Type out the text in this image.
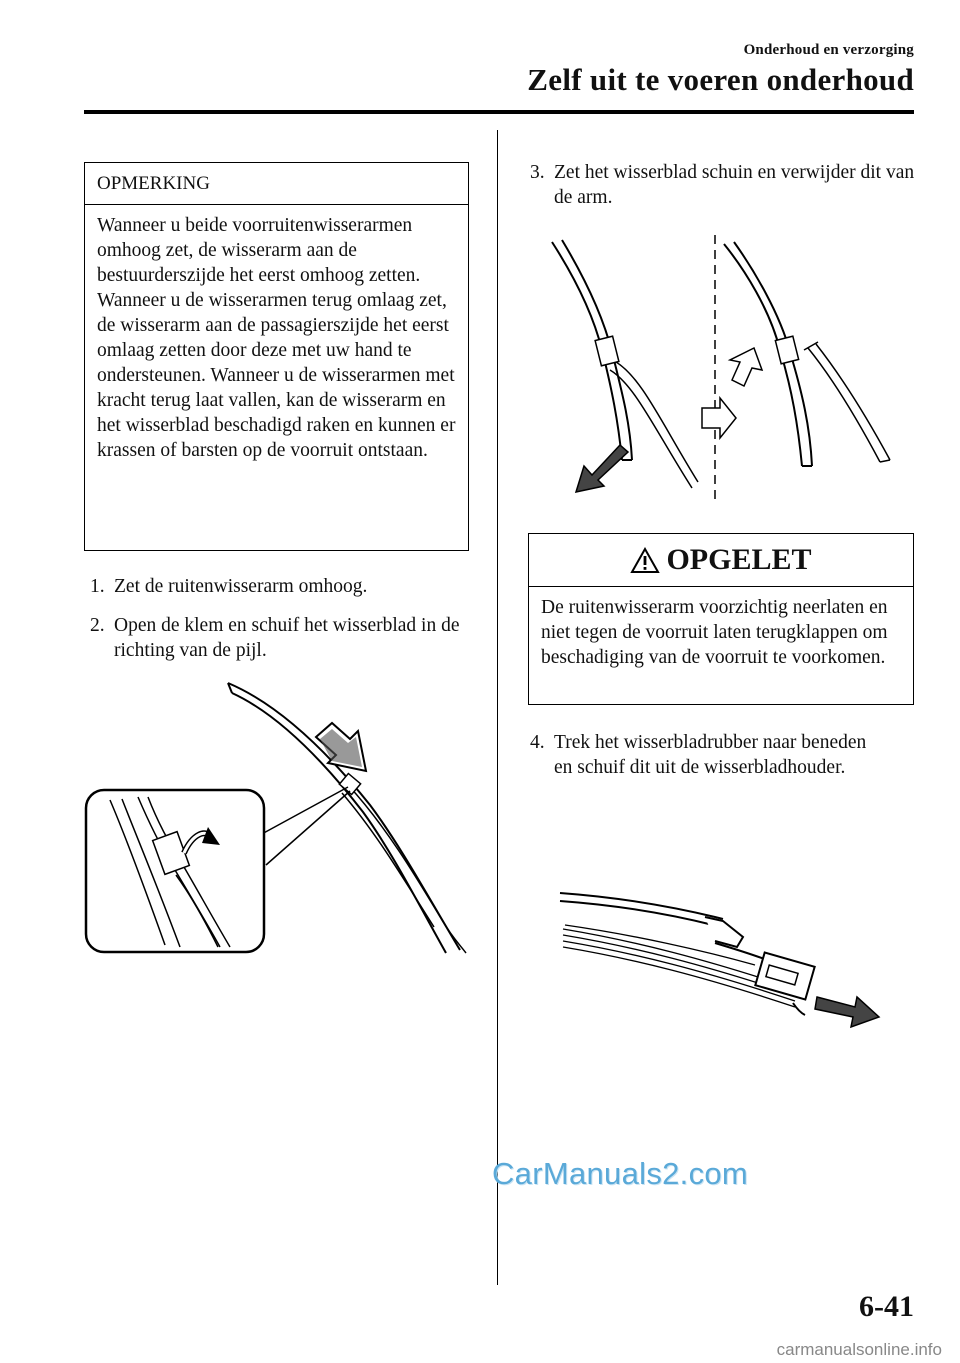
Onderhoud en verzorging
Zelf uit te voeren onderhoud
OPMERKING
Wanneer u beide voorruitenwisserarmen omhoog zet, de wisserarm aan de bestuurderszijde het eerst omhoog zetten. Wanneer u de wisserarmen terug omlaag zet, de wisserarm aan de passagierszijde het eerst omlaag zetten door deze met uw hand te ondersteunen. Wanneer u de wisserarmen met kracht terug laat vallen, kan de wisserarm en het wisserblad beschadigd raken en kunnen er krassen of barsten op de voorruit ontstaan.
1. Zet de ruitenwisserarm omhoog.
2. Open de klem en schuif het wisserblad in de richting van de pijl.
3. Zet het wisserblad schuin en verwijder dit van de arm.
OPGELET
De ruitenwisserarm voorzichtig neerlaten en niet tegen de voorruit laten terugklappen om beschadiging van de voorruit te voorkomen.
4. Trek het wisserbladrubber naar beneden en schuif dit uit de wisserbladhouder.
CarManuals2.com
6-41
carmanualsonline.info
